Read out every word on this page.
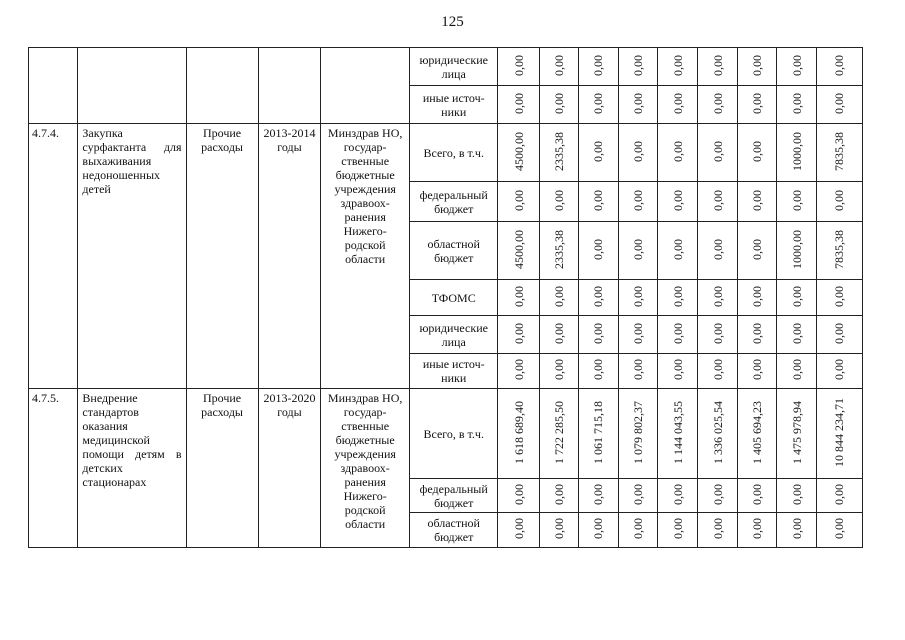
125
					юридические лица	0,00	0,00	0,00	0,00	0,00	0,00	0,00	0,00	0,00
					иные источ-ники	0,00	0,00	0,00	0,00	0,00	0,00	0,00	0,00	0,00
4.7.4.	Закупка сурфактанта для выхаживания недоношенных детей	Прочие расходы	2013-2014 годы	Минздрав НО, государ-ственные бюджетные учреждения здравоох-ранения Нижего-родской области	Всего, в т.ч.	4500,00	2335,38	0,00	0,00	0,00	0,00	0,00	1000,00	7835,38
					федеральный бюджет	0,00	0,00	0,00	0,00	0,00	0,00	0,00	0,00	0,00
					областной бюджет	4500,00	2335,38	0,00	0,00	0,00	0,00	0,00	1000,00	7835,38
					ТФОМС	0,00	0,00	0,00	0,00	0,00	0,00	0,00	0,00	0,00
					юридические лица	0,00	0,00	0,00	0,00	0,00	0,00	0,00	0,00	0,00
					иные источ-ники	0,00	0,00	0,00	0,00	0,00	0,00	0,00	0,00	0,00
4.7.5.	Внедрение стандартов оказания медицинской помощи детям в детских стационарах	Прочие расходы	2013-2020 годы	Минздрав НО, государ-ственные бюджетные учреждения здравоох-ранения Нижего-родской области	Всего, в т.ч.	1 618 689,40	1 722 285,50	1 061 715,18	1 079 802,37	1 144 043,55	1 336 025,54	1 405 694,23	1 475 978,94	10 844 234,71
					федеральный бюджет	0,00	0,00	0,00	0,00	0,00	0,00	0,00	0,00	0,00
					областной бюджет	0,00	0,00	0,00	0,00	0,00	0,00	0,00	0,00	0,00
